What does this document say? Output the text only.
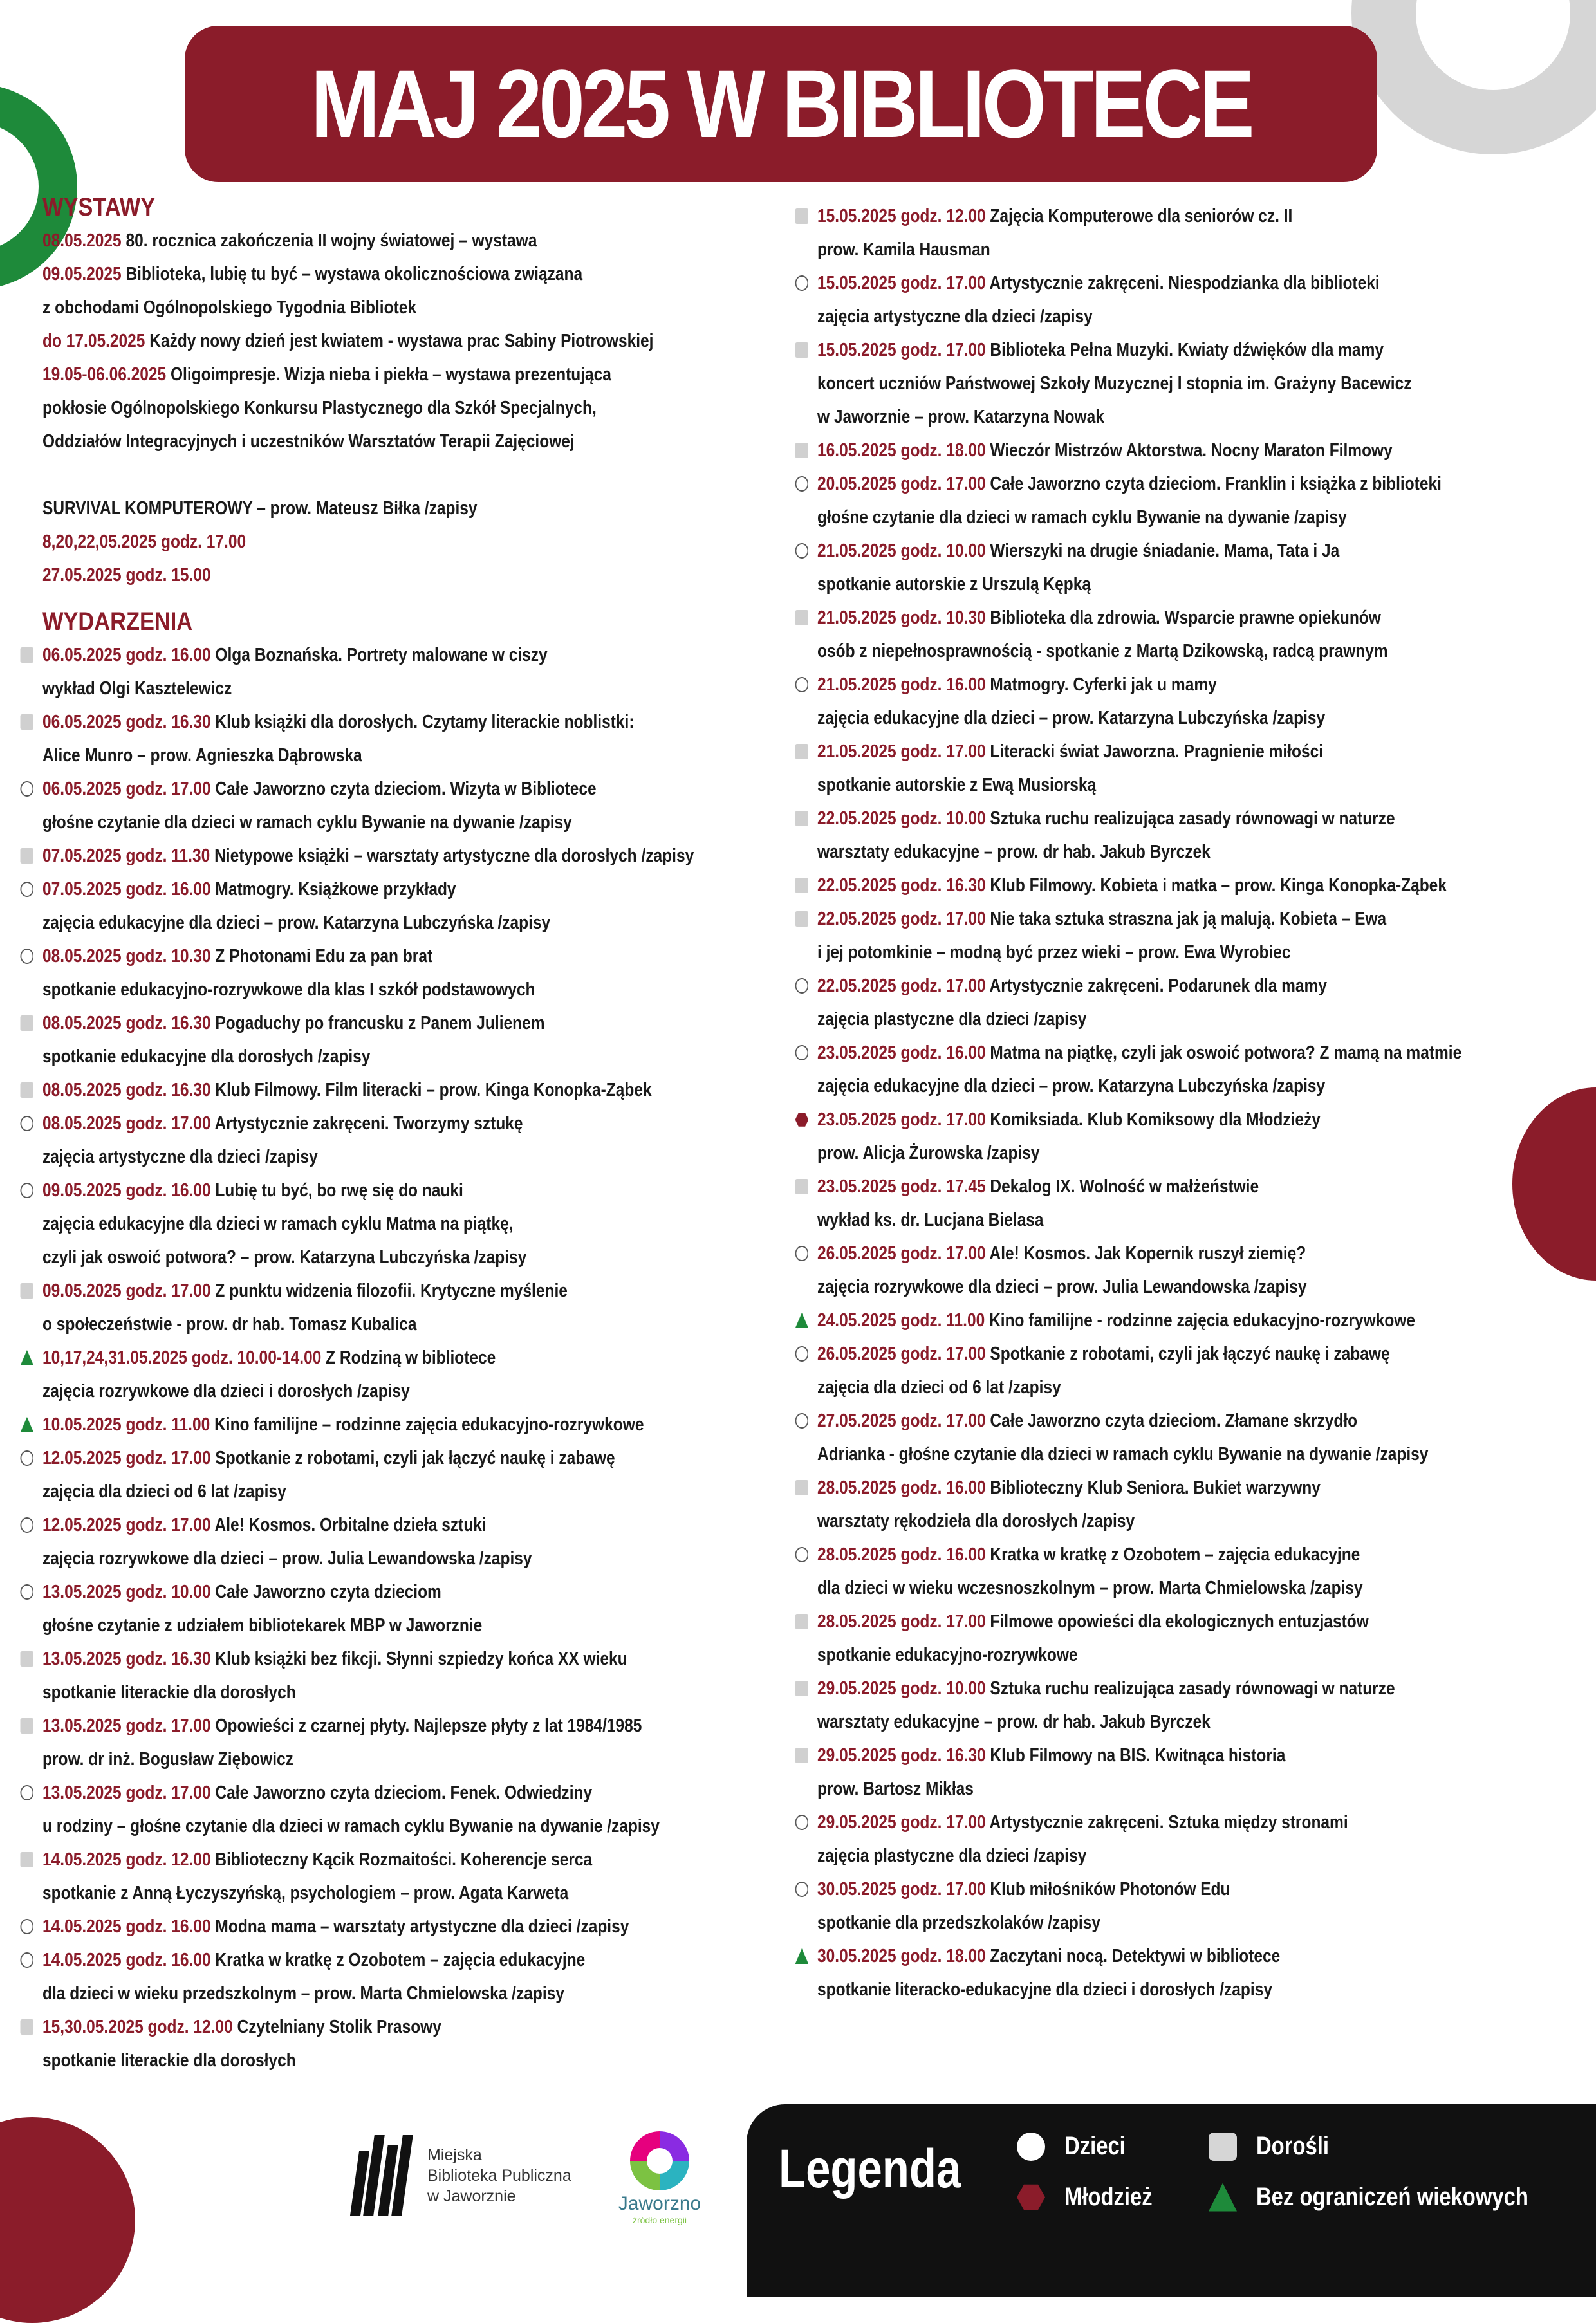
MAJ 2025 W BIBLIOTECE
WYSTAWY
08.05.2025 80. rocznica zakończenia II wojny światowej – wystawa
09.05.2025 Biblioteka, lubię tu być – wystawa okolicznościowa związana
z obchodami Ogólnopolskiego Tygodnia Bibliotek
do 17.05.2025 Każdy nowy dzień jest kwiatem - wystawa prac Sabiny Piotrowskiej
19.05-06.06.2025 Oligoimpresje. Wizja nieba i piekła – wystawa prezentująca
pokłosie Ogólnopolskiego Konkursu Plastycznego dla Szkół Specjalnych,
Oddziałów Integracyjnych i uczestników Warsztatów Terapii Zajęciowej
SURVIVAL KOMPUTEROWY – prow. Mateusz Biłka /zapisy
8,20,22,05.2025 godz. 17.00
27.05.2025 godz. 15.00
WYDARZENIA
06.05.2025 godz. 16.00 Olga Boznańska. Portrety malowane w ciszy
wykład Olgi Kasztelewicz
06.05.2025 godz. 16.30 Klub książki dla dorosłych. Czytamy literackie noblistki:
Alice Munro – prow. Agnieszka Dąbrowska
06.05.2025 godz. 17.00 Całe Jaworzno czyta dzieciom. Wizyta w Bibliotece
głośne czytanie dla dzieci w ramach cyklu Bywanie na dywanie /zapisy
07.05.2025 godz. 11.30 Nietypowe książki – warsztaty artystyczne dla dorosłych /zapisy
07.05.2025 godz. 16.00 Matmogry. Książkowe przykłady
zajęcia edukacyjne dla dzieci – prow. Katarzyna Lubczyńska /zapisy
08.05.2025 godz. 10.30 Z Photonami Edu za pan brat
spotkanie edukacyjno-rozrywkowe dla klas I szkół podstawowych
08.05.2025 godz. 16.30 Pogaduchy po francusku z Panem Julienem
spotkanie edukacyjne dla dorosłych /zapisy
08.05.2025 godz. 16.30 Klub Filmowy. Film literacki – prow. Kinga Konopka-Ząbek
08.05.2025 godz. 17.00 Artystycznie zakręceni. Tworzymy sztukę
zajęcia artystyczne dla dzieci /zapisy
09.05.2025 godz. 16.00 Lubię tu być, bo rwę się do nauki
zajęcia edukacyjne dla dzieci w ramach cyklu Matma na piątkę,
czyli jak oswoić potwora? – prow. Katarzyna Lubczyńska /zapisy
09.05.2025 godz. 17.00 Z punktu widzenia filozofii. Krytyczne myślenie
o społeczeństwie - prow. dr hab. Tomasz Kubalica
10,17,24,31.05.2025 godz. 10.00-14.00 Z Rodziną w bibliotece
zajęcia rozrywkowe dla dzieci i dorosłych /zapisy
10.05.2025 godz. 11.00 Kino familijne – rodzinne zajęcia edukacyjno-rozrywkowe
12.05.2025 godz. 17.00 Spotkanie z robotami, czyli jak łączyć naukę i zabawę
zajęcia dla dzieci od 6 lat /zapisy
12.05.2025 godz. 17.00 Ale! Kosmos. Orbitalne dzieła sztuki
zajęcia rozrywkowe dla dzieci – prow. Julia Lewandowska /zapisy
13.05.2025 godz. 10.00 Całe Jaworzno czyta dzieciom
głośne czytanie z udziałem bibliotekarek MBP w Jaworznie
13.05.2025 godz. 16.30 Klub książki bez fikcji. Słynni szpiedzy końca XX wieku
spotkanie literackie dla dorosłych
13.05.2025 godz. 17.00 Opowieści z czarnej płyty. Najlepsze płyty z lat 1984/1985
prow. dr inż. Bogusław Ziębowicz
13.05.2025 godz. 17.00 Całe Jaworzno czyta dzieciom. Fenek. Odwiedziny
u rodziny – głośne czytanie dla dzieci w ramach cyklu Bywanie na dywanie /zapisy
14.05.2025 godz. 12.00 Biblioteczny Kącik Rozmaitości. Koherencje serca
spotkanie z Anną Łyczyszyńską, psychologiem – prow. Agata Karweta
14.05.2025 godz. 16.00 Modna mama – warsztaty artystyczne dla dzieci /zapisy
14.05.2025 godz. 16.00 Kratka w kratkę z Ozobotem – zajęcia edukacyjne
dla dzieci w wieku przedszkolnym – prow. Marta Chmielowska /zapisy
15,30.05.2025 godz. 12.00 Czytelniany Stolik Prasowy
spotkanie literackie dla dorosłych
15.05.2025 godz. 12.00 Zajęcia Komputerowe dla seniorów cz. II
prow. Kamila Hausman
15.05.2025 godz. 17.00 Artystycznie zakręceni. Niespodzianka dla biblioteki
zajęcia artystyczne dla dzieci /zapisy
15.05.2025 godz. 17.00 Biblioteka Pełna Muzyki. Kwiaty dźwięków dla mamy
koncert uczniów Państwowej Szkoły Muzycznej I stopnia im. Grażyny Bacewicz
w Jaworznie – prow. Katarzyna Nowak
16.05.2025 godz. 18.00 Wieczór Mistrzów Aktorstwa. Nocny Maraton Filmowy
20.05.2025 godz. 17.00 Całe Jaworzno czyta dzieciom. Franklin i książka z biblioteki
głośne czytanie dla dzieci w ramach cyklu Bywanie na dywanie /zapisy
21.05.2025 godz. 10.00 Wierszyki na drugie śniadanie. Mama, Tata i Ja
spotkanie autorskie z Urszulą Kępką
21.05.2025 godz. 10.30 Biblioteka dla zdrowia. Wsparcie prawne opiekunów
osób z niepełnosprawnością - spotkanie z Martą Dzikowską, radcą prawnym
21.05.2025 godz. 16.00 Matmogry. Cyferki jak u mamy
zajęcia edukacyjne dla dzieci – prow. Katarzyna Lubczyńska /zapisy
21.05.2025 godz. 17.00 Literacki świat Jaworzna. Pragnienie miłości
spotkanie autorskie z Ewą Musiorską
22.05.2025 godz. 10.00 Sztuka ruchu realizująca zasady równowagi w naturze
warsztaty edukacyjne – prow. dr hab. Jakub Byrczek
22.05.2025 godz. 16.30 Klub Filmowy. Kobieta i matka – prow. Kinga Konopka-Ząbek
22.05.2025 godz. 17.00 Nie taka sztuka straszna jak ją malują. Kobieta – Ewa
i jej potomkinie – modną być przez wieki – prow. Ewa Wyrobiec
22.05.2025 godz. 17.00 Artystycznie zakręceni. Podarunek dla mamy
zajęcia plastyczne dla dzieci /zapisy
23.05.2025 godz. 16.00 Matma na piątkę, czyli jak oswoić potwora? Z mamą na matmie
zajęcia edukacyjne dla dzieci – prow. Katarzyna Lubczyńska /zapisy
23.05.2025 godz. 17.00 Komiksiada. Klub Komiksowy dla Młodzieży
prow. Alicja Żurowska /zapisy
23.05.2025 godz. 17.45 Dekalog IX. Wolność w małżeństwie
wykład ks. dr. Lucjana Bielasa
26.05.2025 godz. 17.00 Ale! Kosmos. Jak Kopernik ruszył ziemię?
zajęcia rozrywkowe dla dzieci – prow. Julia Lewandowska /zapisy
24.05.2025 godz. 11.00 Kino familijne - rodzinne zajęcia edukacyjno-rozrywkowe
26.05.2025 godz. 17.00 Spotkanie z robotami, czyli jak łączyć naukę i zabawę
zajęcia dla dzieci od 6 lat /zapisy
27.05.2025 godz. 17.00 Całe Jaworzno czyta dzieciom. Złamane skrzydło
Adrianka - głośne czytanie dla dzieci w ramach cyklu Bywanie na dywanie /zapisy
28.05.2025 godz. 16.00 Biblioteczny Klub Seniora. Bukiet warzywny
warsztaty rękodzieła dla dorosłych /zapisy
28.05.2025 godz. 16.00 Kratka w kratkę z Ozobotem – zajęcia edukacyjne
dla dzieci w wieku wczesnoszkolnym – prow. Marta Chmielowska /zapisy
28.05.2025 godz. 17.00 Filmowe opowieści dla ekologicznych entuzjastów
spotkanie edukacyjno-rozrywkowe
29.05.2025 godz. 10.00 Sztuka ruchu realizująca zasady równowagi w naturze
warsztaty edukacyjne – prow. dr hab. Jakub Byrczek
29.05.2025 godz. 16.30 Klub Filmowy na BIS. Kwitnąca historia
prow. Bartosz Mikłas
29.05.2025 godz. 17.00 Artystycznie zakręceni. Sztuka między stronami
zajęcia plastyczne dla dzieci /zapisy
30.05.2025 godz. 17.00 Klub miłośników Photonów Edu
spotkanie dla przedszkolaków /zapisy
30.05.2025 godz. 18.00 Zaczytani nocą. Detektywi w bibliotece
spotkanie literacko-edukacyjne dla dzieci i dorosłych /zapisy
Miejska
Biblioteka Publiczna
w Jaworznie	Jaworzno
źródło energii
Legenda	Dzieci	Dorośli
Młodzież	Bez ograniczeń wiekowych
